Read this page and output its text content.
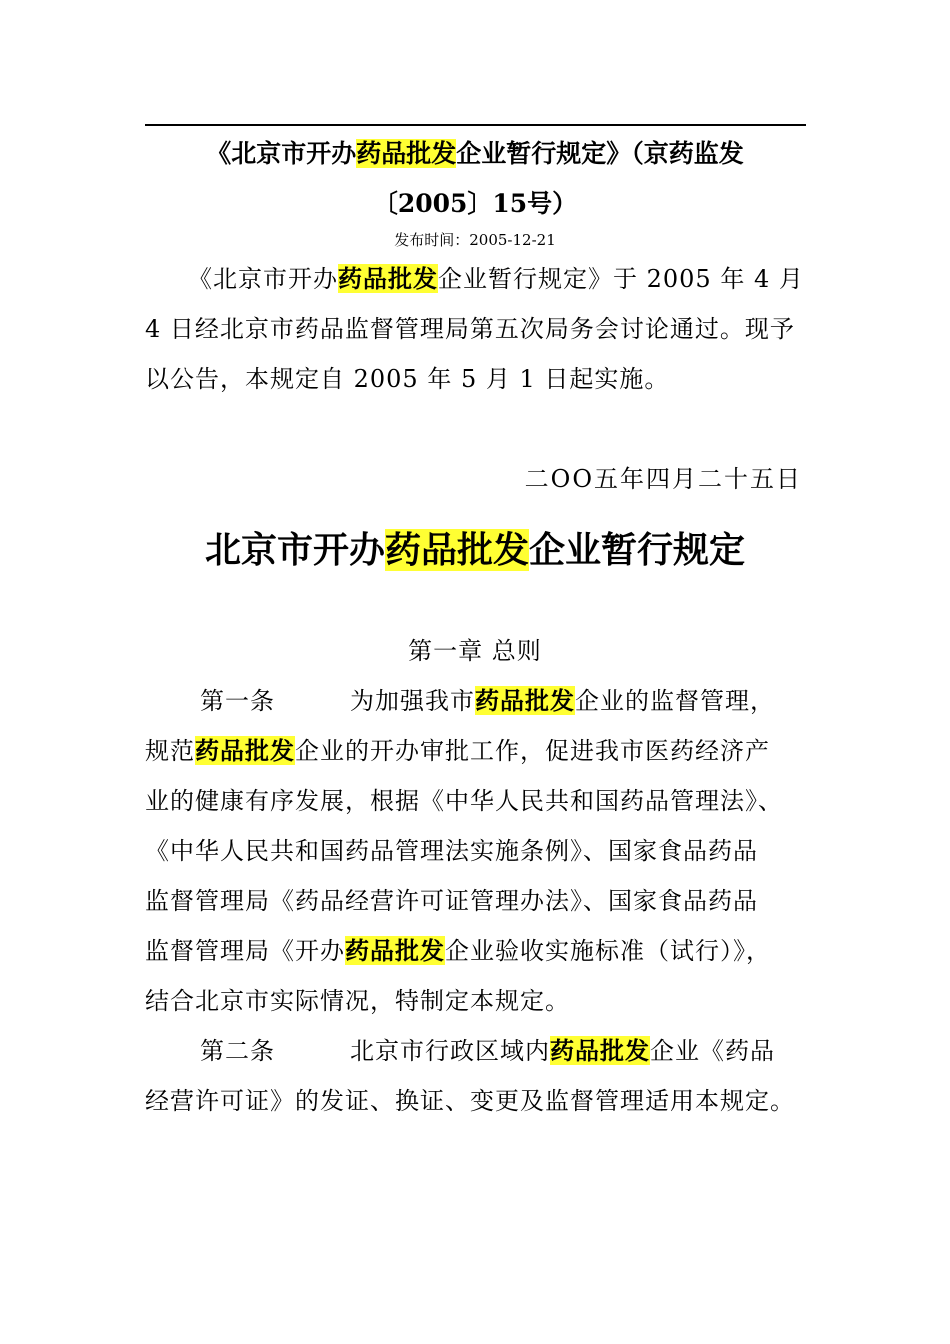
《北京市开办药品批发企业暂行规定》（京药监发
〔2005〕15号）
发布时间：2005-12-21
《北京市开办药品批发企业暂行规定》于 2005 年 4 月
4 日经北京市药品监督管理局第五次局务会讨论通过。现予
以公告，本规定自 2005 年 5 月 1 日起实施。
二OO五年四月二十五日
北京市开办药品批发企业暂行规定
第一章 总则
第一条	为加强我市药品批发企业的监督管理，
规范药品批发企业的开办审批工作，促进我市医药经济产
业的健康有序发展，根据《中华人民共和国药品管理法》、
《中华人民共和国药品管理法实施条例》、国家食品药品
监督管理局《药品经营许可证管理办法》、国家食品药品
监督管理局《开办药品批发企业验收实施标准（试行）》，
结合北京市实际情况，特制定本规定。
第二条	北京市行政区域内药品批发企业《药品
经营许可证》的发证、换证、变更及监督管理适用本规定。
